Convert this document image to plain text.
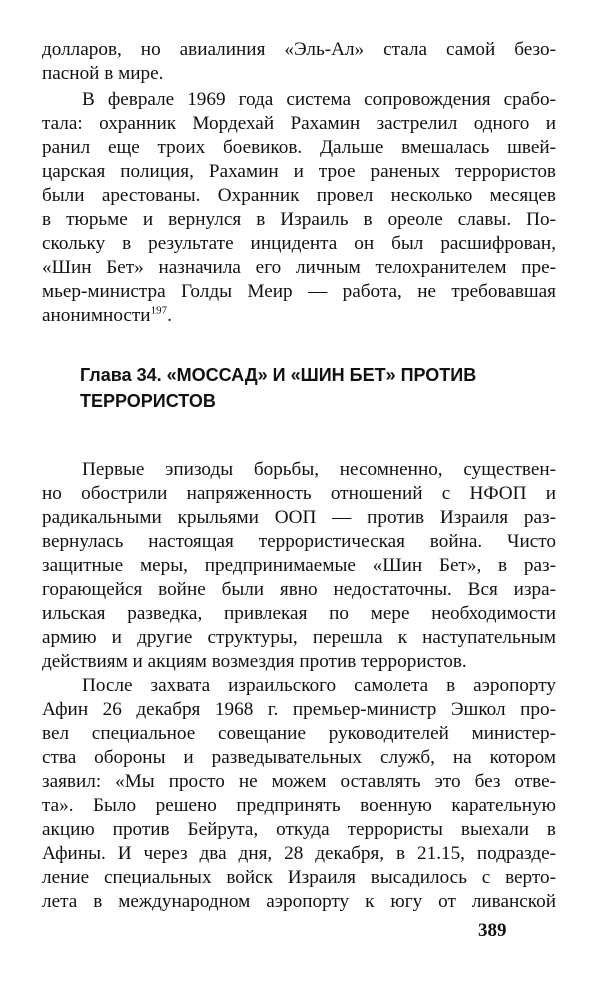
долларов, но авиалиния «Эль-Ал» стала самой безо-
пасной в мире.
В феврале 1969 года система сопровождения срабо-
тала: охранник Мордехай Рахамин застрелил одного и
ранил еще троих боевиков. Дальше вмешалась швей-
царская полиция, Рахамин и трое раненых террористов
были арестованы. Охранник провел несколько месяцев
в тюрьме и вернулся в Израиль в ореоле славы. По-
скольку в результате инцидента он был расшифрован,
«Шин Бет» назначила его личным телохранителем пре-
мьер-министра Голды Меир — работа, не требовавшая
анонимности$^{197}$.
Глава 34. «МОССАД» И «ШИН БЕТ» ПРОТИВ
ТЕРРОРИСТОВ
Первые эпизоды борьбы, несомненно, существен-
но обострили напряженность отношений с НФОП и
радикальными крыльями ООП — против Израиля раз-
вернулась настоящая террористическая война. Чисто
защитные меры, предпринимаемые «Шин Бет», в раз-
горающейся войне были явно недостаточны. Вся изра-
ильская разведка, привлекая по мере необходимости
армию и другие структуры, перешла к наступательным
действиям и акциям возмездия против террористов.
После захвата израильского самолета в аэропорту
Афин 26 декабря 1968 г. премьер-министр Эшкол про-
вел специальное совещание руководителей министер-
ства обороны и разведывательных служб, на котором
заявил: «Мы просто не можем оставлять это без отве-
та». Было решено предпринять военную карательную
акцию против Бейрута, откуда террористы выехали в
Афины. И через два дня, 28 декабря, в 21.15, подразде-
ление специальных войск Израиля высадилось с верто-
лета в международном аэропорту к югу от ливанской
389
